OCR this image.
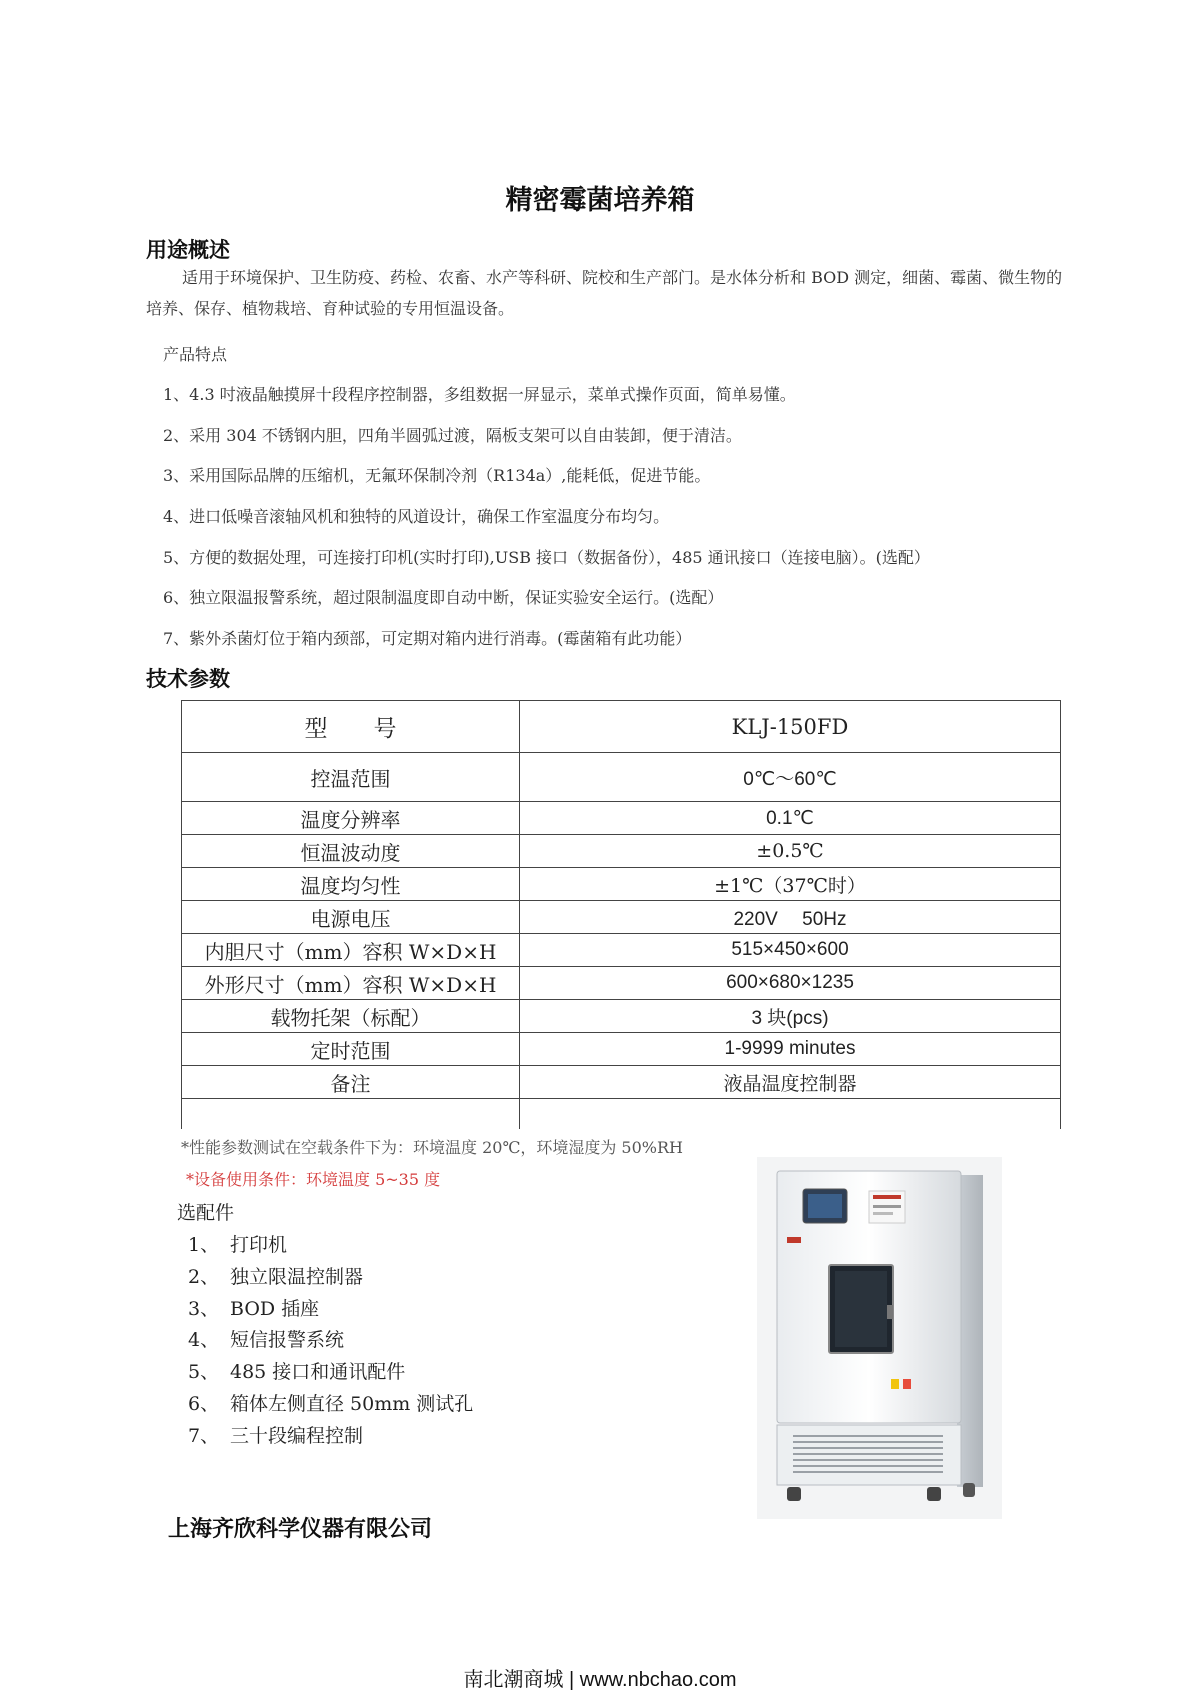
精密霉菌培养箱
用途概述
适用于环境保护、卫生防疫、药检、农畜、水产等科研、院校和生产部门。是水体分析和 BOD 测定，细菌、霉菌、微生物的培养、保存、植物栽培、育种试验的专用恒温设备。
产品特点
1、4.3 吋液晶触摸屏十段程序控制器，多组数据一屏显示，菜单式操作页面，简单易懂。
2、采用 304 不锈钢内胆，四角半圆弧过渡，隔板支架可以自由装卸，便于清洁。
3、采用国际品牌的压缩机，无氟环保制冷剂（R134a）,能耗低，促进节能。
4、进口低噪音滚轴风机和独特的风道设计，确保工作室温度分布均匀。
5、方便的数据处理，可连接打印机(实时打印),USB 接口（数据备份），485 通讯接口（连接电脑）。(选配）
6、独立限温报警系统，超过限制温度即自动中断，保证实验安全运行。(选配）
7、紫外杀菌灯位于箱内颈部，可定期对箱内进行消毒。(霉菌箱有此功能）
技术参数
型　　号	KLJ-150FD
控温范围	0℃～60℃
温度分辨率	0.1℃
恒温波动度	±0.5℃
温度均匀性	±1℃（37℃时）
电源电压	220V　 50Hz
内胆尺寸（mm）容积 W×D×H	515×450×600
外形尺寸（mm）容积 W×D×H	600×680×1235
载物托架（标配）	3 块(pcs)
定时范围	1-9999 minutes
备注	液晶温度控制器

*性能参数测试在空载条件下为：环境温度 20℃，环境湿度为 50%RH
*设备使用条件：环境温度 5~35 度
选配件
1、 打印机
2、 独立限温控制器
3、 BOD 插座
4、 短信报警系统
5、 485 接口和通讯配件
6、 箱体左侧直径 50mm 测试孔
7、 三十段编程控制
上海齐欣科学仪器有限公司
南北潮商城 | www.nbchao.com
